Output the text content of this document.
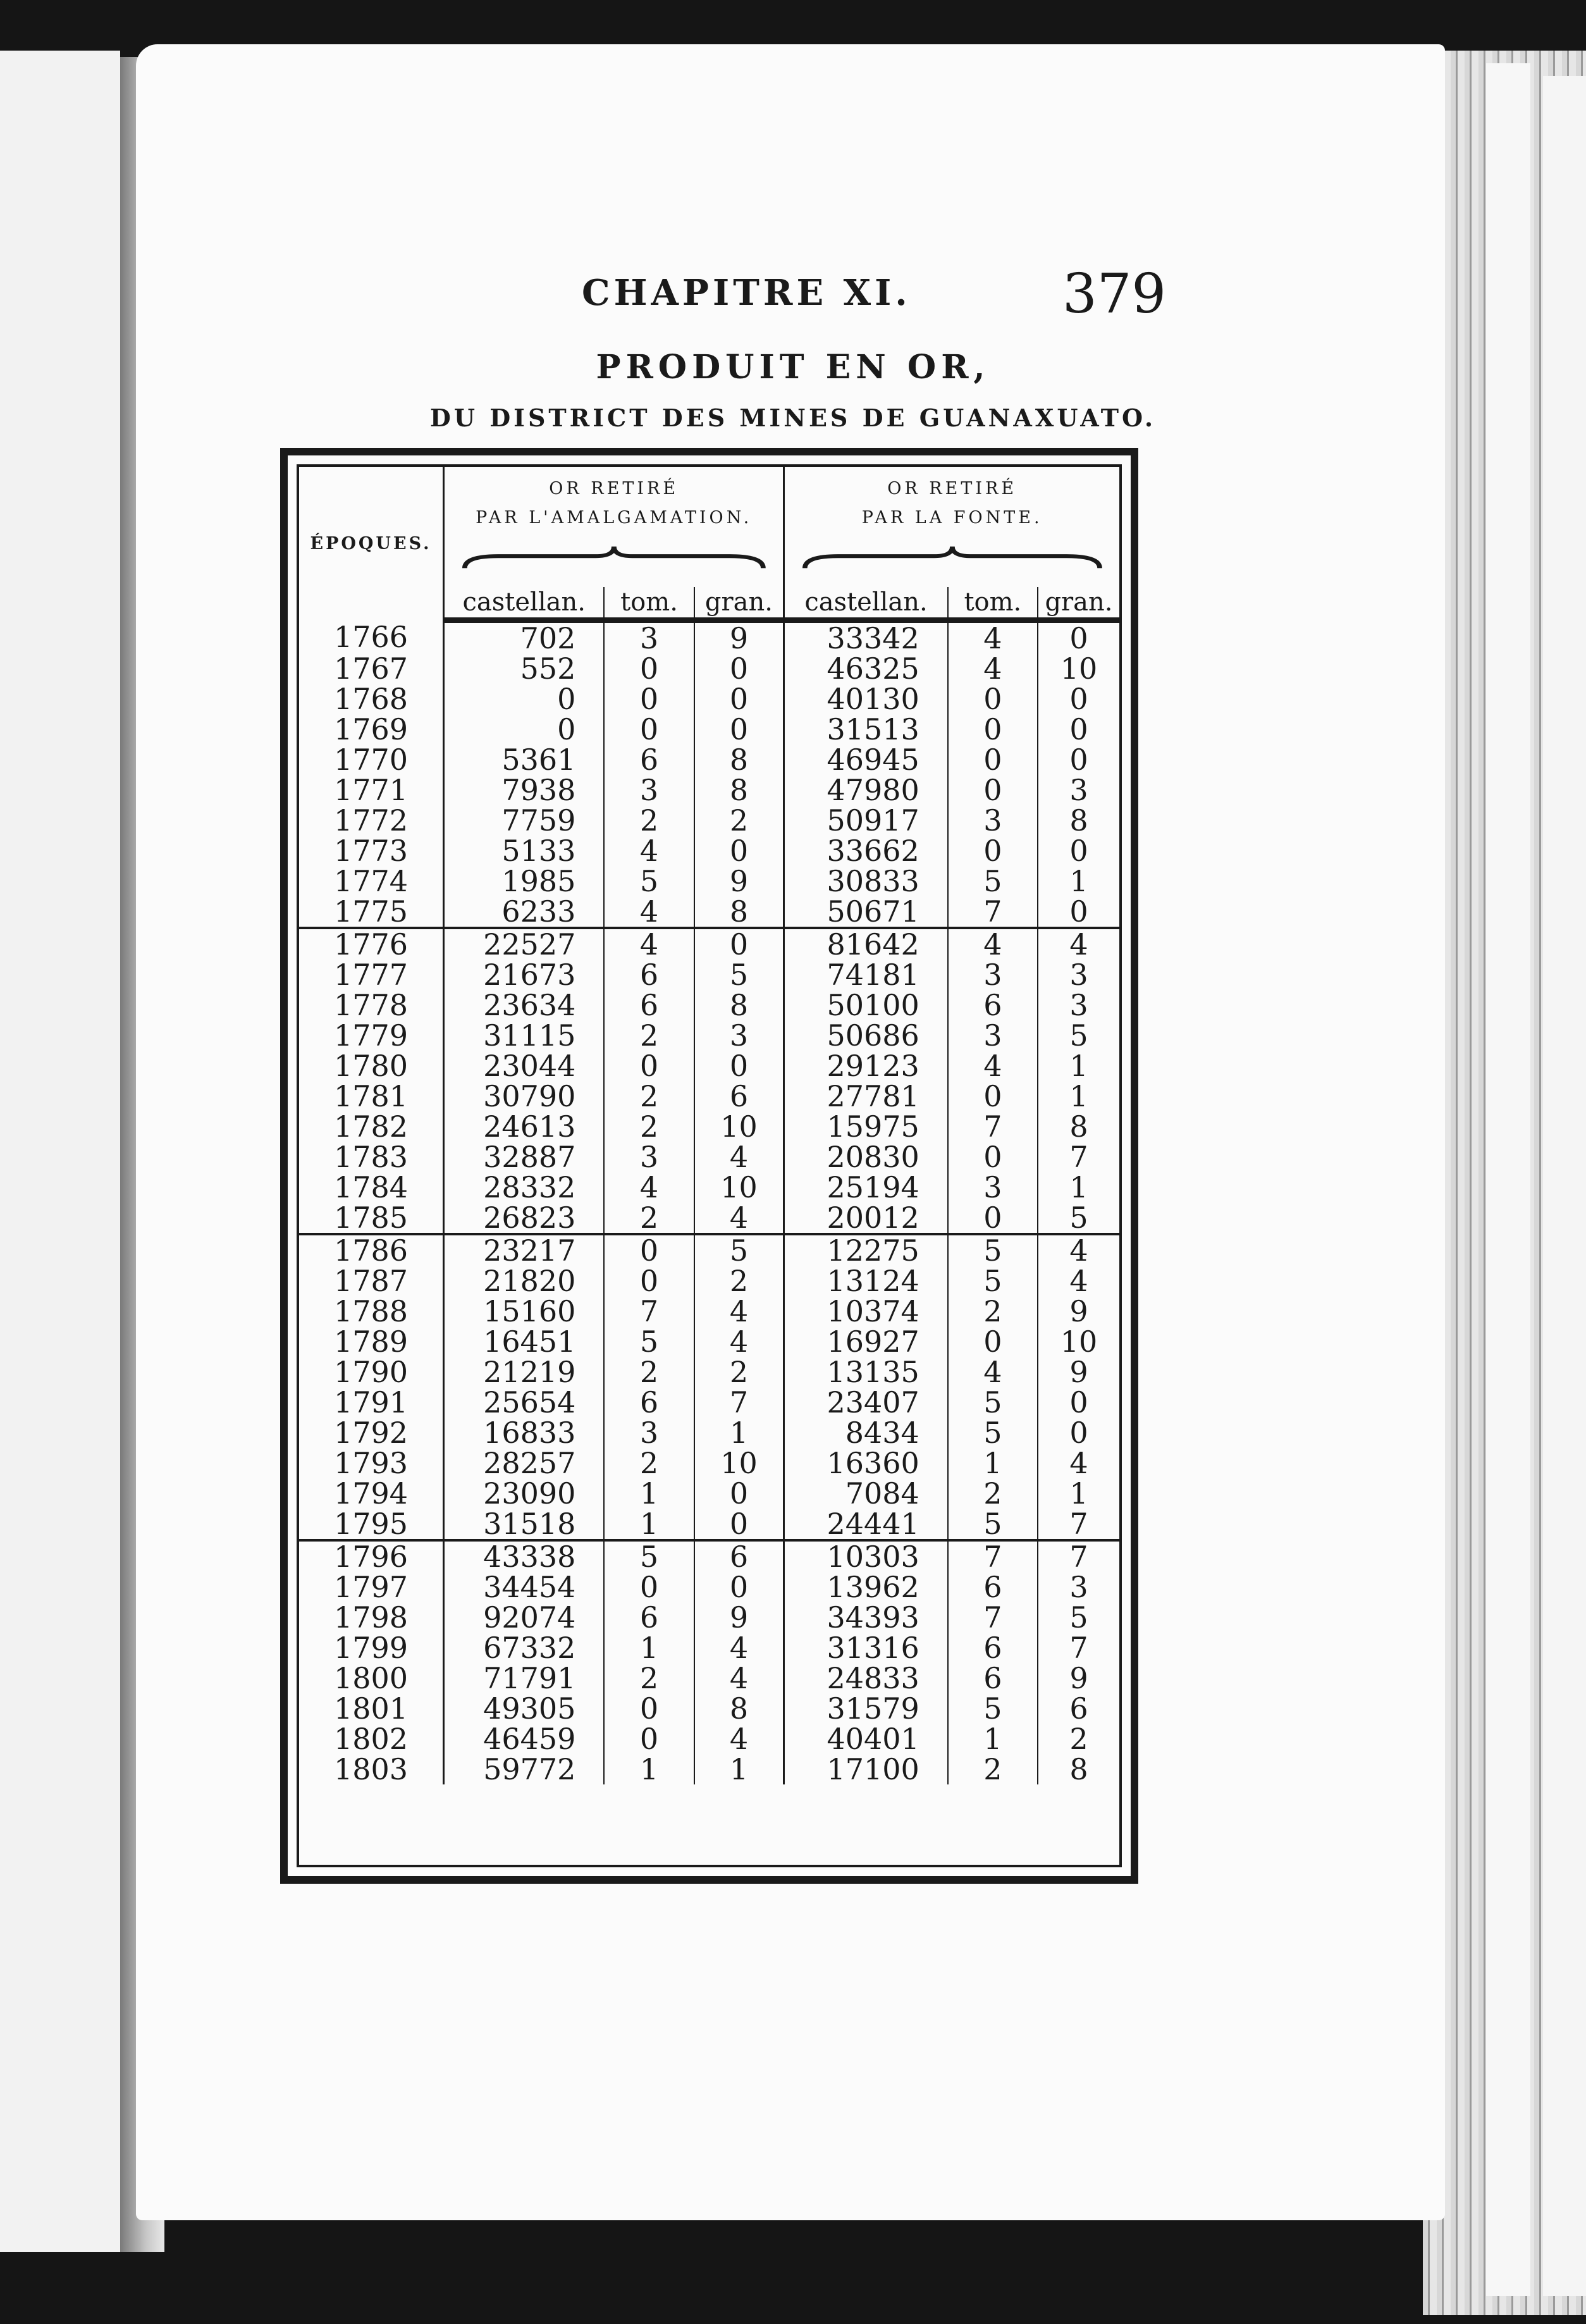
CHAPITRE XI.	379
PRODUIT EN OR,
DU DISTRICT DES MINES DE GUANAXUATO.
ÉPOQUES.	OR RETIRÉ
PAR L'AMALGAMATION.			OR RETIRÉ
PAR LA FONTE.		

	castellan.	tom.	gran.	castellan.	tom.	gran.
1766	702	3	9	33342	4	0
1767	552	0	0	46325	4	10
1768	0	0	0	40130	0	0
1769	0	0	0	31513	0	0
1770	5361	6	8	46945	0	0
1771	7938	3	8	47980	0	3
1772	7759	2	2	50917	3	8
1773	5133	4	0	33662	0	0
1774	1985	5	9	30833	5	1
1775	6233	4	8	50671	7	0
1776	22527	4	0	81642	4	4
1777	21673	6	5	74181	3	3
1778	23634	6	8	50100	6	3
1779	31115	2	3	50686	3	5
1780	23044	0	0	29123	4	1
1781	30790	2	6	27781	0	1
1782	24613	2	10	15975	7	8
1783	32887	3	4	20830	0	7
1784	28332	4	10	25194	3	1
1785	26823	2	4	20012	0	5
1786	23217	0	5	12275	5	4
1787	21820	0	2	13124	5	4
1788	15160	7	4	10374	2	9
1789	16451	5	4	16927	0	10
1790	21219	2	2	13135	4	9
1791	25654	6	7	23407	5	0
1792	16833	3	1	8434	5	0
1793	28257	2	10	16360	1	4
1794	23090	1	0	7084	2	1
1795	31518	1	0	24441	5	7
1796	43338	5	6	10303	7	7
1797	34454	0	0	13962	6	3
1798	92074	6	9	34393	7	5
1799	67332	1	4	31316	6	7
1800	71791	2	4	24833	6	9
1801	49305	0	8	31579	5	6
1802	46459	0	4	40401	1	2
1803	59772	1	1	17100	2	8
